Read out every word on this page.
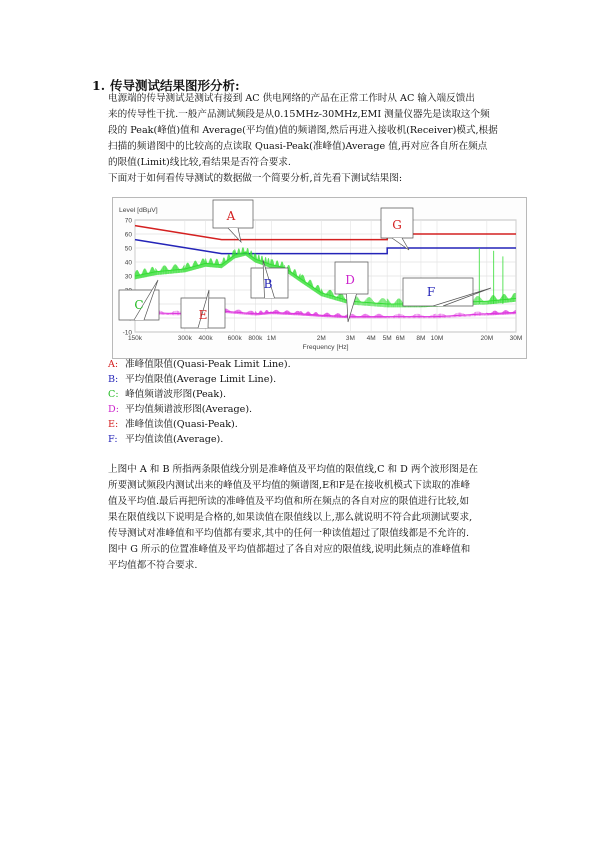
1. 传导测试结果图形分析:
电源端的传导测试是测试有接到 AC 供电网络的产品在正常工作时从 AC 输入端反馈出
来的传导性干扰.一般产品测试频段是从0.15MHz-30MHz,EMI 测量仪器先是读取这个频
段的 Peak(峰值)值和 Average(平均值)值的频谱图,然后再进入接收机(Receiver)模式,根据
扫描的频谱图中的比较高的点读取 Quasi-Peak(准峰值)Average 值,再对应各自所在频点
的限值(Limit)线比较,看结果是否符合要求.
下面对于如何看传导测试的数据做一个简要分析,首先看下测试结果图:
70
60
50
40
30
-10
150k	300k 400k 600k 800k 1M	2M	3M 4M 5M 6M 8M 10M	20M	30M
Level [dBµV]
Frequency [Hz]
A
B
C
D
E
F
G
A: 准峰值限值(Quasi-Peak Limit Line).
B: 平均值限值(Average Limit Line).
C: 峰值频谱波形图(Peak).
D: 平均值频谱波形图(Average).
E: 准峰值读值(Quasi-Peak).
F: 平均值读值(Average).
上图中 A 和 B 所指两条限值线分别是准峰值及平均值的限值线,C 和 D 两个波形图是在
所要测试频段内测试出来的峰值及平均值的频谱图,E和F是在接收机模式下读取的准峰
值及平均值.最后再把所读的准峰值及平均值和所在频点的各自对应的限值进行比较,如
果在限值线以下说明是合格的,如果读值在限值线以上,那么就说明不符合此项测试要求,
传导测试对准峰值和平均值都有要求,其中的任何一种读值超过了限值线都是不允许的.
图中 G 所示的位置准峰值及平均值都超过了各自对应的限值线,说明此频点的准峰值和
平均值都不符合要求.
